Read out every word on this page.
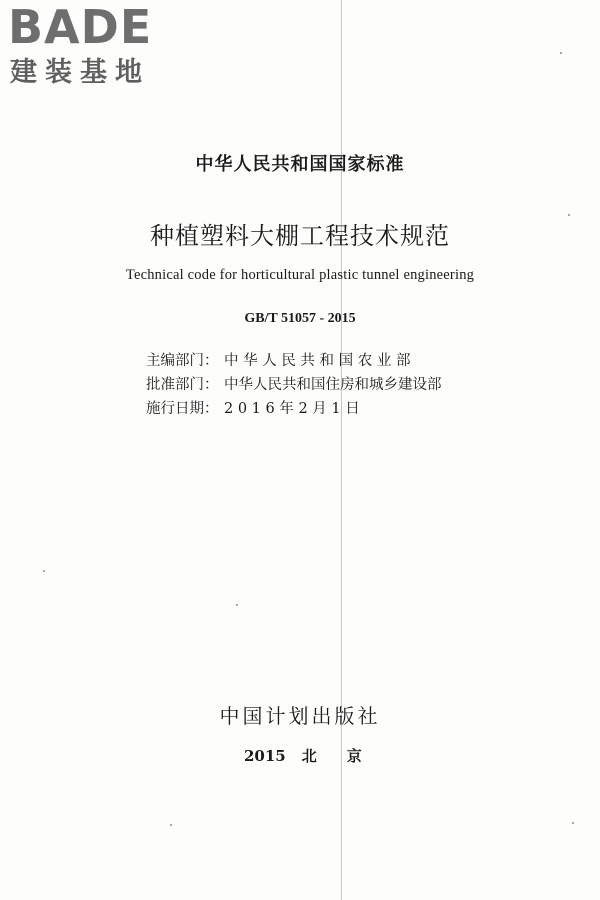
BADE
建装基地
中华人民共和国国家标准
种植塑料大棚工程技术规范
Technical code for horticultural plastic tunnel engineering
GB/T 51057 - 2015
主编部门： 中 华 人 民 共 和 国 农 业 部
批准部门： 中华人民共和国住房和城乡建设部
施行日期： 2 0 1 6 年 2 月 1 日
中国计划出版社
2015 北京
